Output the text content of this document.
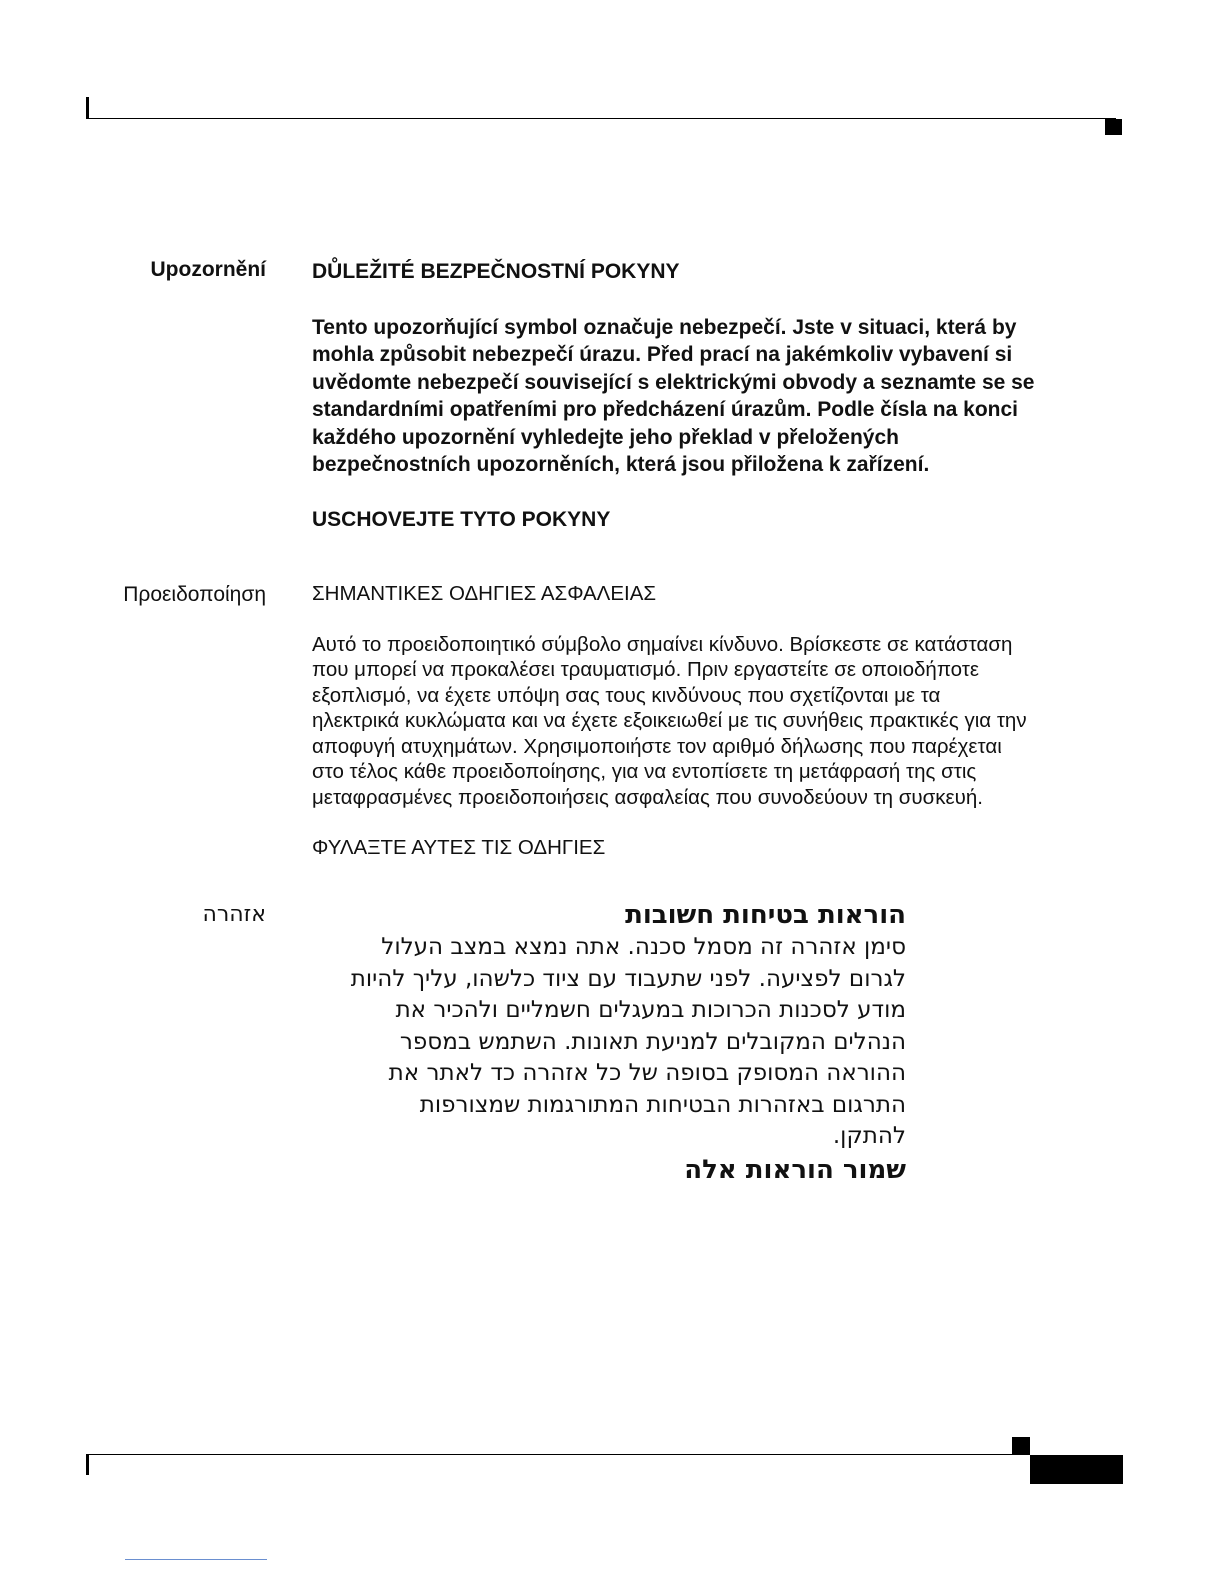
Upozornění DŮLEŽITÉ BEZPEČNOSTNÍ POKYNY

Tento upozorňující symbol označuje nebezpečí. Jste v situaci, která by

mohla způsobit nebezpečí úrazu. Před prací na jakémkoliv vybavení si

uvědomte nebezpečí související s elektrickými obvody a seznamte se se

standardními opatřeními pro předcházení úrazům. Podle čísla na konci

každého upozornění vyhledejte jeho překlad v přeložených

bezpečnostních upozorněních, která jsou přiložena k zařízení.

USCHOVEJTE TYTO POKYNY

Προειδοποίηση ΣΗΜΑΝΤΙΚΕΣ ΟΔΗΓΙΕΣ ΑΣΦΑΛΕΙΑΣ

Αυτό το προειδοποιητικό σύμβολο σημαίνει κίνδυνο. Βρίσκεστε σε κατάσταση

που μπορεί να προκαλέσει τραυματισμό. Πριν εργαστείτε σε οποιοδήποτε

εξοπλισμό, να έχετε υπόψη σας τους κινδύνους που σχετίζονται με τα

ηλεκτρικά κυκλώματα και να έχετε εξοικειωθεί με τις συνήθεις πρακτικές για την

αποφυγή ατυχημάτων. Χρησιμοποιήστε τον αριθμό δήλωσης που παρέχεται

στο τέλος κάθε προειδοποίησης, για να εντοπίσετε τη μετάφρασή της στις

μεταφρασμένες προειδοποιήσεις ασφαλείας που συνοδεύουν τη συσκευή.

ΦΥΛΑΞΤΕ ΑΥΤΕΣ ΤΙΣ ΟΔΗΓΙΕΣ

אזהרה	הוראות בטיחות חשובות

סימן אזהרה זה מסמל סכנה. אתה נמצא במצב העלול

לגרום לפציעה. לפני שתעבוד עם ציוד כלשהו, עליך להיות

מודע לסכנות הכרוכות במעגלים חשמליים ולהכיר את

הנהלים המקובלים למניעת תאונות. השתמש במספר

ההוראה המסופק בסופה של כל אזהרה כד לאתר את

התרגום באזהרות הבטיחות המתורגמות שמצורפות

להתקן.

שמור הוראות אלה
